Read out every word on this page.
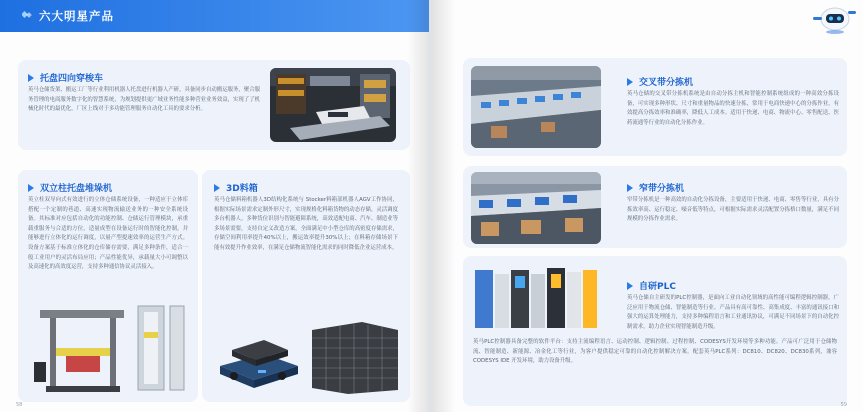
六大明星产品
托盘四向穿梭车
英马仓储货架、搬运工厂等行业利用机器人托盘进行机器人产研，具备同步自动搬运服务，聚合服务管理的电商服务数字化的智慧系统，为规划提供更广域业务性能多种营业业务效益，实现了了机械化时代的最优化，厂区上线对于多功能管理服务自动化工具的要求分析。
双立柱托盘堆垛机
英立柱双导向式有效进行的立体仓储系统设备，一种适应于立体库搭配一个定制的巷道、高速实现物流输送业务的一种安全系统设备。其标准对应包括自动化的功能控制、仓储运行管理模块，承重载重服务与合适的方位，适量成型在设备运行时的智能化控制，并能够进行立体化的运行调度，以量产型提速效率的运营生产方式。设备方案基于标准立体化的仓库储存需要，满足多种条件，适合一般工业用户的灵活布局应用；产品性能优异，承载量大小可调整以及高速化的高效度运营，支持多种通信协议灵活接入。
3D料箱
英马仓储料箱机器人3D结构化系统与 Stocker料箱部机器人AGV工作协同，根据实际场景需求定制外形尺寸，实现规格化料箱货物的动态存储，灵活调度多台机器人。多种货位识别与智能避障系统，高效适配电商、汽车、制造业等多场景需要，支持自定义改造方案，全面满足中小型仓库的高密度存储需求，存储空间利用率提升40%以上，搬运效率提升30%以上；在料箱存储场景下能有效提升作业效率，在满足仓储物流智能化需求的同时降低企业运营成本。
58
交叉带分拣机
英马仓储的交叉带分拣机系统是由自动分拣主机和智能控制系统组成的一种高效分拣设备，可实现多种形状、尺寸和重量物品的快速分拣，常用于电商快递中心的分拣作业，有效提高分拣效率和准确率，降低人工成本。适用于快递、电商、物流中心、零售配送、医药流通等行业的自动化分拣作业。
窄带分拣机
窄带分拣机是一种高效的自动化分拣设备，主要适用于快递、电商、零售等行业，具有分拣效率高、运行稳定、噪音低等特点，可根据实际需求灵活配置分拣格口数量，满足不同规模的分拣作业需求。
自研PLC
英马仓储自主研发的PLC控制器，是面向工业自动化领域的高性能可编程逻辑控制器，广泛应用于物流仓储、智能制造等行业。产品具有高可靠性、高集成度、丰富的通讯接口和强大的运算处理能力，支持多种编程语言和工业通讯协议，可满足不同场景下的自动化控制需求，助力企业实现智能制造升级。
英马PLC控制器具备完整的软件平台：支持主流编程语言、运动控制、逻辑控制、过程控制、CODESYS开发环境等多种功能。产品可广泛用于仓储物流、智能制造、新能源、冶金化工等行业，为客户提供稳定可靠的自动化控制解决方案。配套英马PLC系列：DC810、DC820、DC830系列，兼容 CODESYS IDE 开发环境，助力设备升级。
59
